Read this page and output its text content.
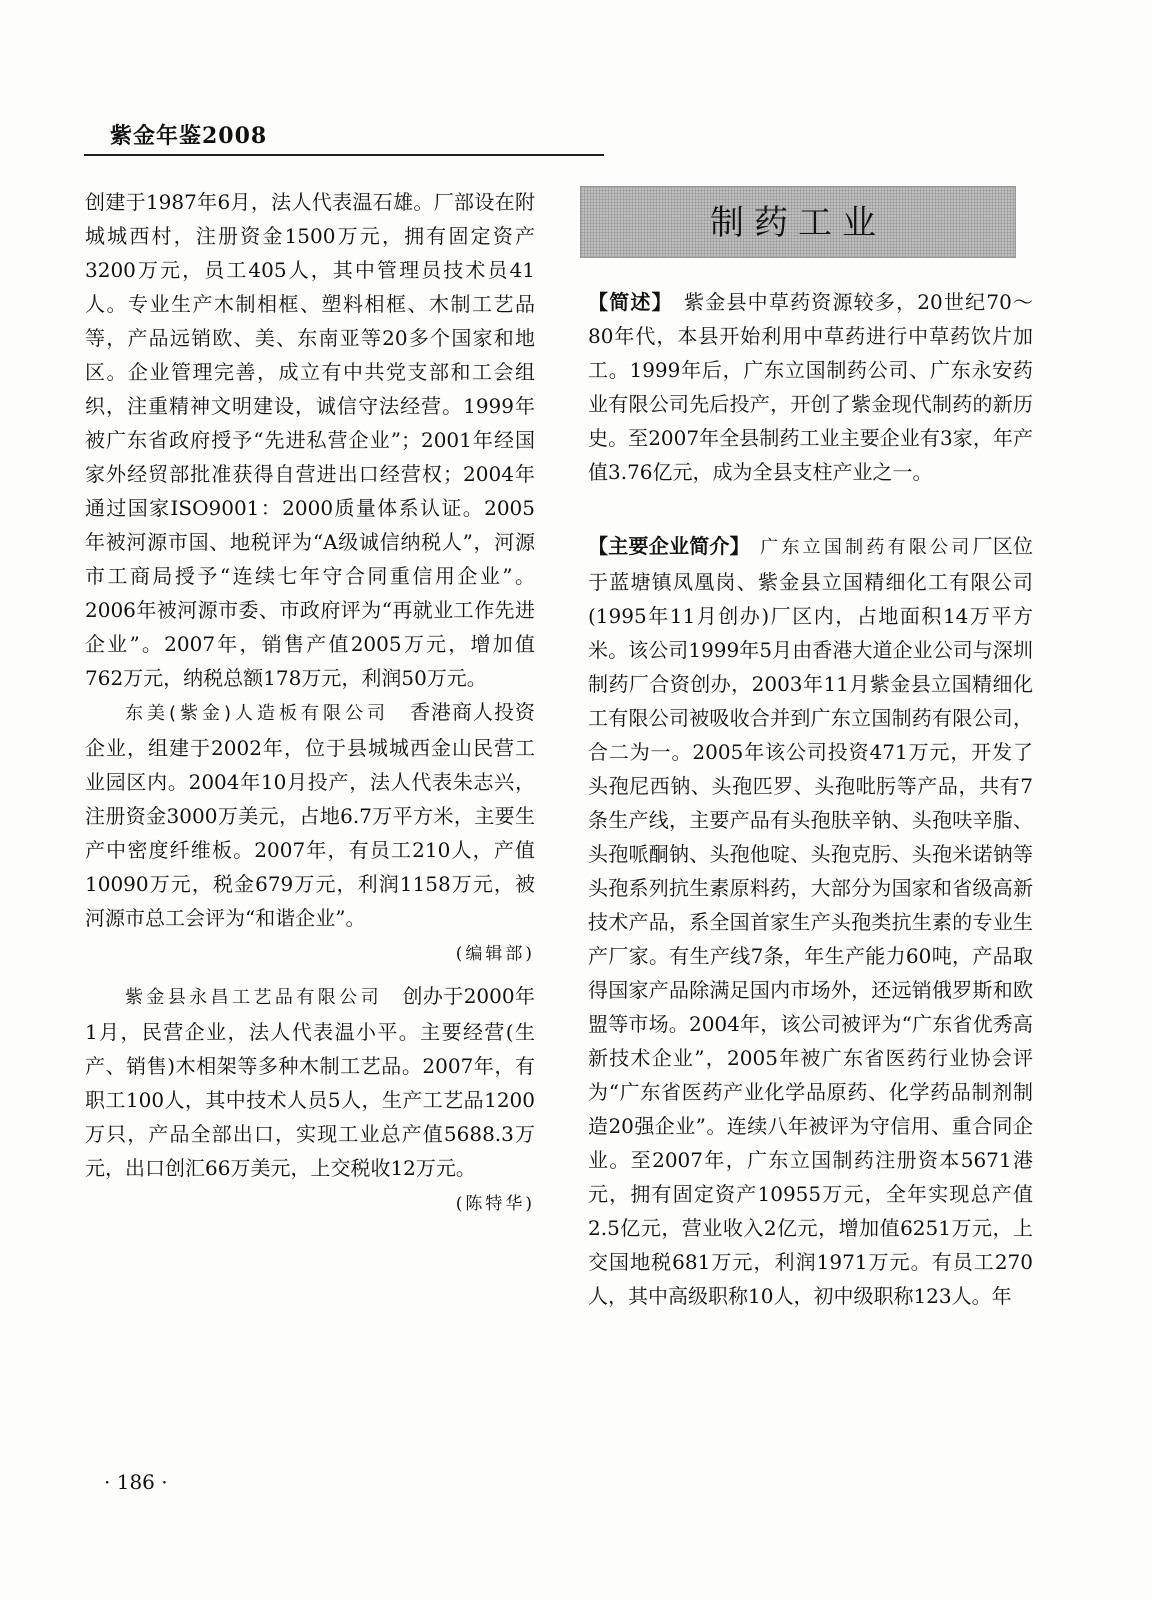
紫金年鉴2008

创建于1987年6月，法人代表温石雄。厂部设在附城城西村，注册资金1500万元，拥有固定资产3200万元，员工405人，其中管理员技术员41人。专业生产木制相框、塑料相框、木制工艺品等，产品远销欧、美、东南亚等20多个国家和地区。企业管理完善，成立有中共党支部和工会组织，注重精神文明建设，诚信守法经营。1999年被广东省政府授予“先进私营企业”；2001年经国家外经贸部批准获得自营进出口经营权；2004年通过国家ISO9001：2000质量体系认证。2005年被河源市国、地税评为“A级诚信纳税人”，河源市工商局授予“连续七年守合同重信用企业”。2006年被河源市委、市政府评为“再就业工作先进企业”。2007年，销售产值2005万元，增加值762万元，纳税总额178万元，利润50万元。

东美(紫金)人造板有限公司　 香港商人投资企业，组建于2002年，位于县城城西金山民营工业园区内。2004年10月投产，法人代表朱志兴，注册资金3000万美元，占地6.7万平方米，主要生产中密度纤维板。2007年，有员工210人，产值10090万元，税金679万元，利润1158万元，被河源市总工会评为“和谐企业”。

(编辑部)

紫金县永昌工艺品有限公司　 创办于2000年1月，民营企业，法人代表温小平。主要经营(生产、销售)木相架等多种木制工艺品。2007年，有职工100人，其中技术人员5人，生产工艺品1200万只，产品全部出口，实现工业总产值5688.3万元，出口创汇66万美元，上交税收12万元。

(陈特华)
制药工业

【简述】　 紫金县中草药资源较多，20世纪70～80年代，本县开始利用中草药进行中草药饮片加工。1999年后，广东立国制药公司、广东永安药业有限公司先后投产，开创了紫金现代制药的新历史。至2007年全县制药工业主要企业有3家，年产值3.76亿元，成为全县支柱产业之一。

【主要企业简介】　 广东立国制药有限公司厂区位于蓝塘镇凤凰岗、紫金县立国精细化工有限公司(1995年11月创办)厂区内，占地面积14万平方米。该公司1999年5月由香港大道企业公司与深圳制药厂合资创办，2003年11月紫金县立国精细化工有限公司被吸收合并到广东立国制药有限公司，合二为一。2005年该公司投资471万元，开发了头孢尼西钠、头孢匹罗、头孢吡肟等产品，共有7条生产线，主要产品有头孢肤辛钠、头孢呋辛脂、头孢哌酮钠、头孢他啶、头孢克肟、头孢米诺钠等头孢系列抗生素原料药，大部分为国家和省级高新技术产品，系全国首家生产头孢类抗生素的专业生产厂家。有生产线7条，年生产能力60吨，产品取得国家产品除满足国内市场外，还远销俄罗斯和欧盟等市场。2004年，该公司被评为“广东省优秀高新技术企业”，2005年被广东省医药行业协会评为“广东省医药产业化学品原药、化学药品制剂制造20强企业”。连续八年被评为守信用、重合同企业。至2007年，广东立国制药注册资本5671港元，拥有固定资产10955万元，全年实现总产值2.5亿元，营业收入2亿元，增加值6251万元，上交国地税681万元，利润1971万元。有员工270人，其中高级职称10人，初中级职称123人。年

· 186 ·
